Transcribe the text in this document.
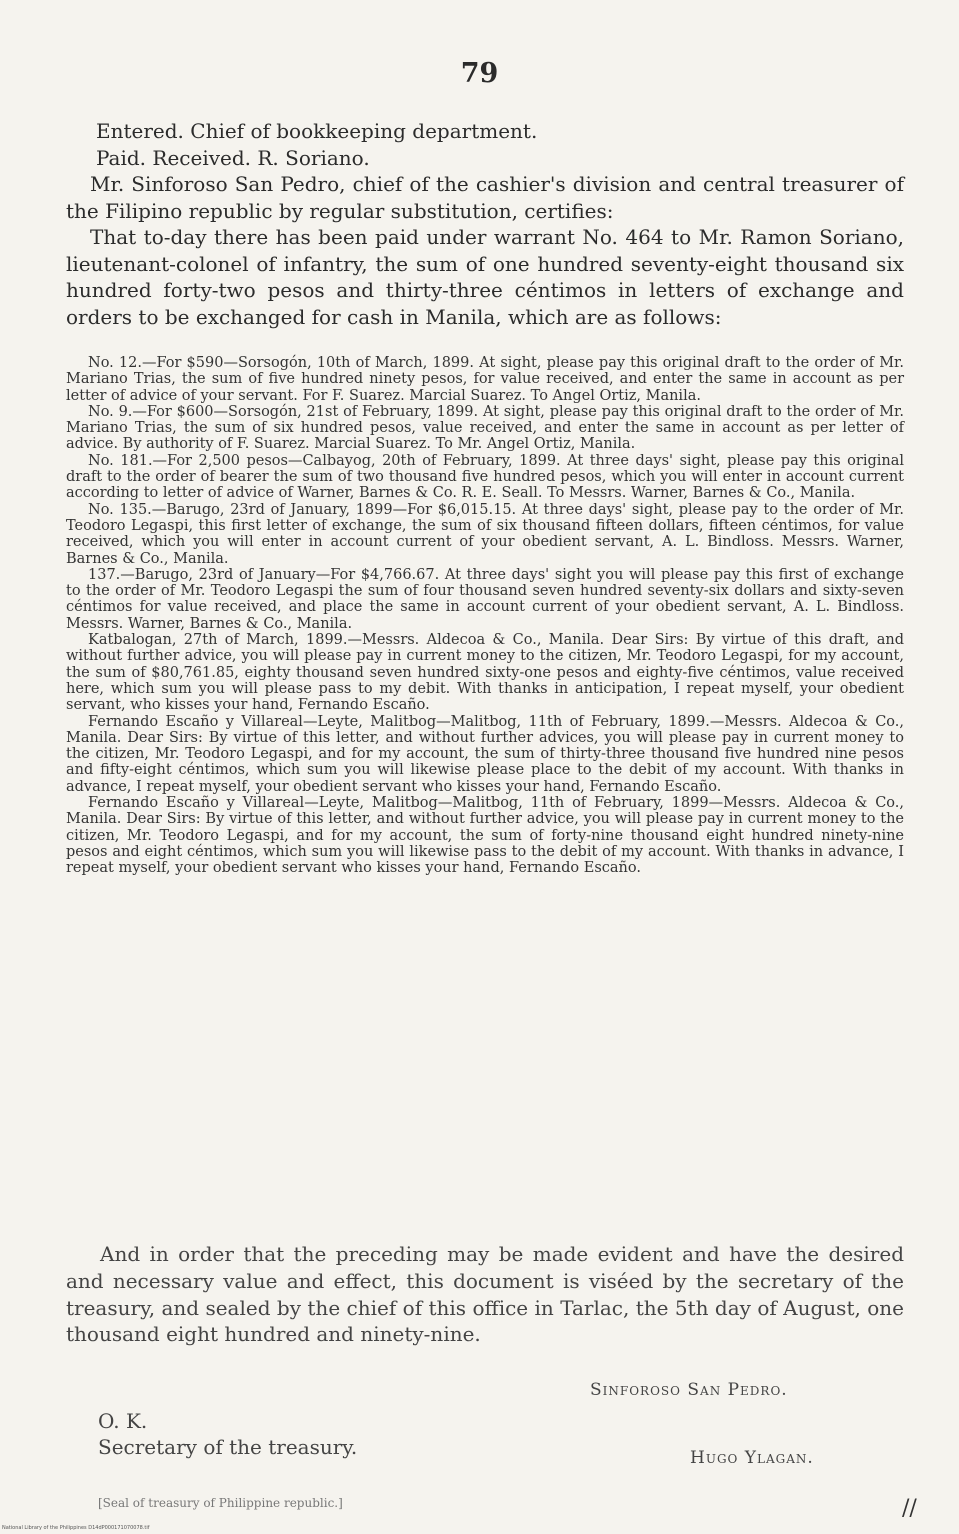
79

Entered. Chief of bookkeeping department.

Paid. Received. R. Soriano.

Mr. Sinforoso San Pedro, chief of the cashier's division and central treasurer of the Filipino republic by regular substitution, certifies:

That to-day there has been paid under warrant No. 464 to Mr. Ramon Soriano, lieutenant-colonel of infantry, the sum of one hundred seventy-eight thousand six hundred forty-two pesos and thirty-three céntimos in letters of exchange and orders to be exchanged for cash in Manila, which are as follows:

No. 12.—For $590—Sorsogón, 10th of March, 1899. At sight, please pay this original draft to the order of Mr. Mariano Trias, the sum of five hundred ninety pesos, for value received, and enter the same in account as per letter of advice of your servant. For F. Suarez. Marcial Suarez. To Angel Ortiz, Manila.

No. 9.—For $600—Sorsogón, 21st of February, 1899. At sight, please pay this original draft to the order of Mr. Mariano Trias, the sum of six hundred pesos, value received, and enter the same in account as per letter of advice. By authority of F. Suarez. Marcial Suarez. To Mr. Angel Ortiz, Manila.

No. 181.—For 2,500 pesos—Calbayog, 20th of February, 1899. At three days' sight, please pay this original draft to the order of bearer the sum of two thousand five hundred pesos, which you will enter in account current according to letter of advice of Warner, Barnes & Co. R. E. Seall. To Messrs. Warner, Barnes & Co., Manila.

No. 135.—Barugo, 23rd of January, 1899—For $6,015.15. At three days' sight, please pay to the order of Mr. Teodoro Legaspi, this first letter of exchange, the sum of six thousand fifteen dollars, fifteen céntimos, for value received, which you will enter in account current of your obedient servant, A. L. Bindloss. Messrs. Warner, Barnes & Co., Manila.

137.—Barugo, 23rd of January—For $4,766.67. At three days' sight you will please pay this first of exchange to the order of Mr. Teodoro Legaspi the sum of four thousand seven hundred seventy-six dollars and sixty-seven céntimos for value received, and place the same in account current of your obedient servant, A. L. Bindloss. Messrs. Warner, Barnes & Co., Manila.

Katbalogan, 27th of March, 1899.—Messrs. Aldecoa & Co., Manila. Dear Sirs: By virtue of this draft, and without further advice, you will please pay in current money to the citizen, Mr. Teodoro Legaspi, for my account, the sum of $80,761.85, eighty thousand seven hundred sixty-one pesos and eighty-five céntimos, value received here, which sum you will please pass to my debit. With thanks in anticipation, I repeat myself, your obedient servant, who kisses your hand, Fernando Escaño.

Fernando Escaño y Villareal—Leyte, Malitbog—Malitbog, 11th of February, 1899.—Messrs. Aldecoa & Co., Manila. Dear Sirs: By virtue of this letter, and without further advices, you will please pay in current money to the citizen, Mr. Teodoro Legaspi, and for my account, the sum of thirty-three thousand five hundred nine pesos and fifty-eight céntimos, which sum you will likewise please place to the debit of my account. With thanks in advance, I repeat myself, your obedient servant who kisses your hand, Fernando Escaño.

Fernando Escaño y Villareal—Leyte, Malitbog—Malitbog, 11th of February, 1899—Messrs. Aldecoa & Co., Manila. Dear Sirs: By virtue of this letter, and without further advice, you will please pay in current money to the citizen, Mr. Teodoro Legaspi, and for my account, the sum of forty-nine thousand eight hundred ninety-nine pesos and eight céntimos, which sum you will likewise pass to the debit of my account. With thanks in advance, I repeat myself, your obedient servant who kisses your hand, Fernando Escaño.

And in order that the preceding may be made evident and have the desired and necessary value and effect, this document is viséed by the secretary of the treasury, and sealed by the chief of this office in Tarlac, the 5th day of August, one thousand eight hundred and ninety-nine.

Sinforoso San Pedro.
O. K.
Secretary of the treasury.	Hugo Ylagan.
[Seal of treasury of Philippine republic.]	//
National Library of the Philippines D14dP000171070078.tif
